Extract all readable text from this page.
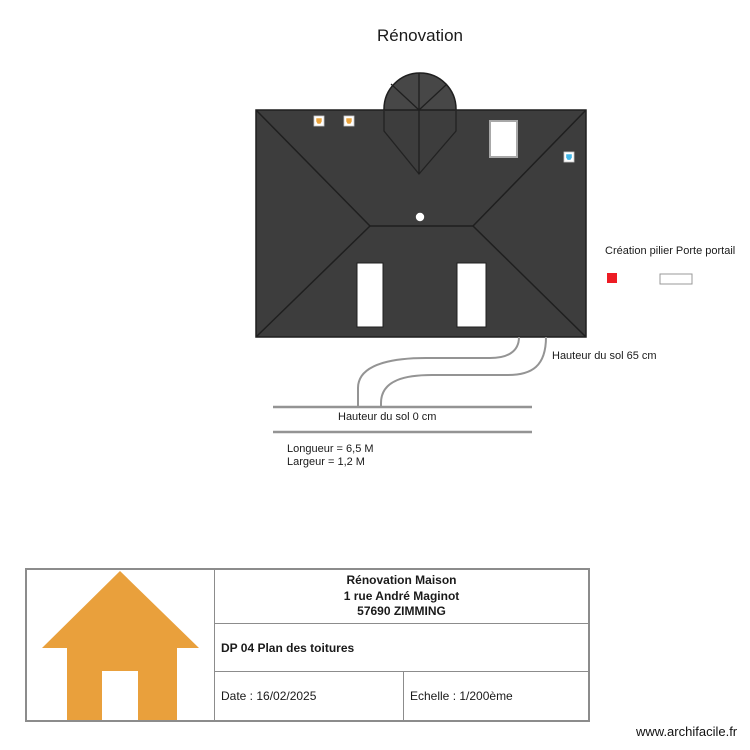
Rénovation
Création pilier Porte portail
Hauteur du sol 65 cm
Hauteur du sol 0 cm
Longueur = 6,5 M
Largeur = 1,2 M
Rénovation Maison
1 rue André Maginot
57690 ZIMMING
DP 04 Plan des toitures
Date : 16/02/2025	Echelle : 1/200ème
www.archifacile.fr
